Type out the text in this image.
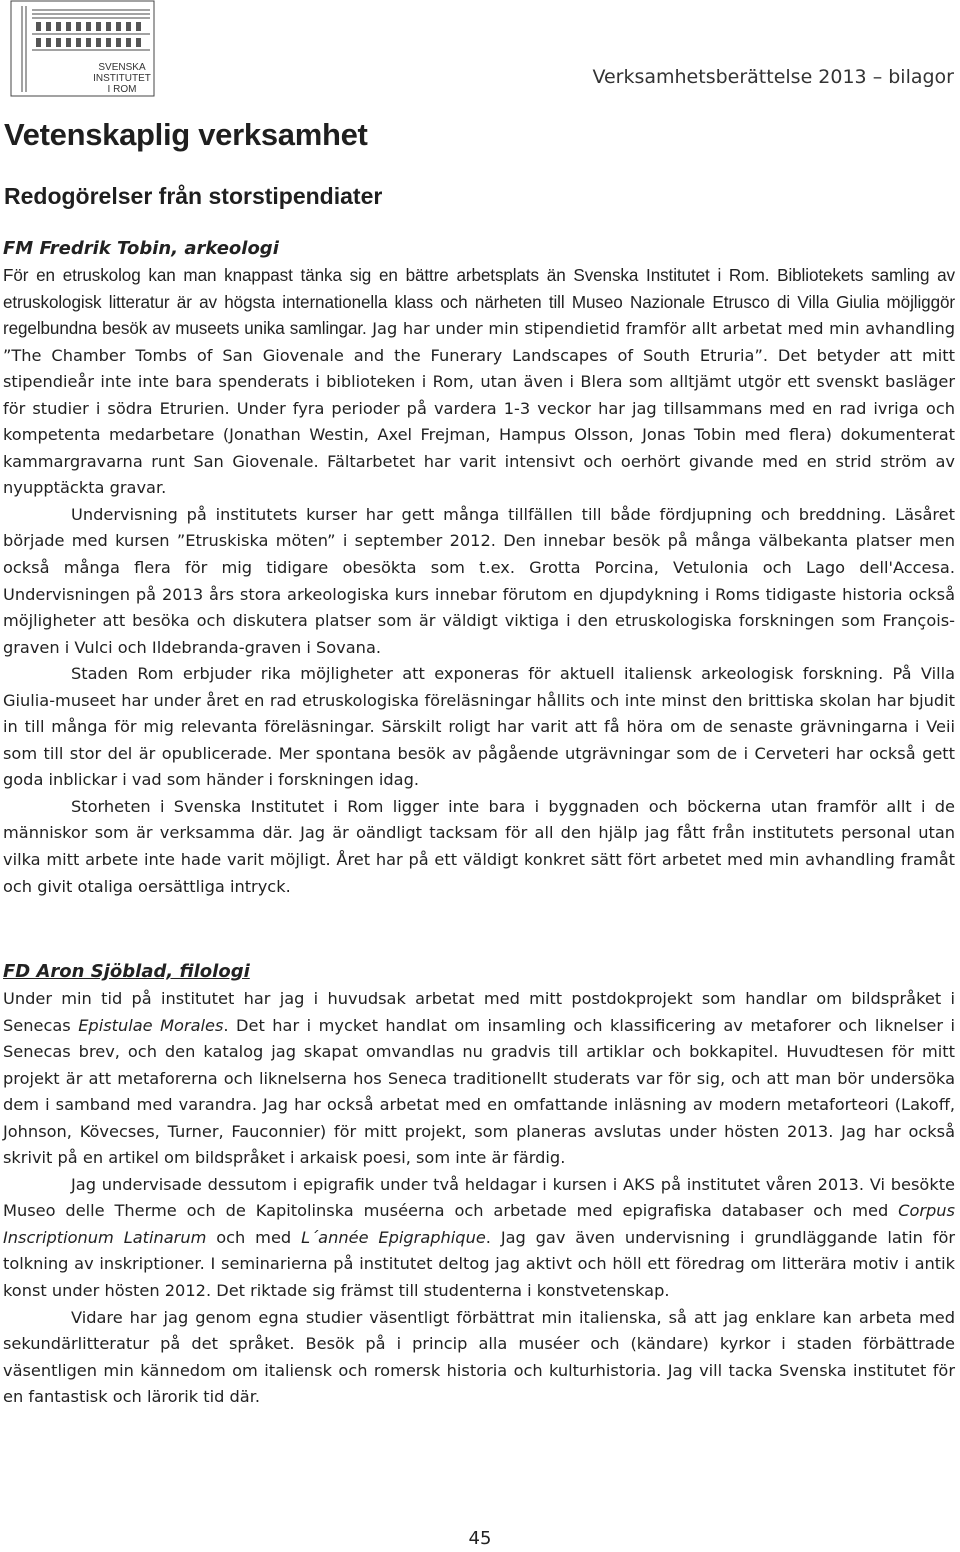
SVENSKA
INSTITUTET
I ROM
Verksamhetsberättelse 2013 – bilagor
Vetenskaplig verksamhet
Redogörelser från storstipendiater
FM Fredrik Tobin, arkeologi

För en etruskolog kan man knappast tänka sig en bättre arbetsplats än Svenska Institutet i Rom. Bibliotekets samling av etruskologisk litteratur är av högsta internationella klass och närheten till Museo Nazionale Etrusco di Villa Giulia möjliggör regelbundna besök av museets unika samlingar. Jag har under min stipendietid framför allt arbetat med min avhandling ”The Chamber Tombs of San Giovenale and the Funerary Landscapes of South Etruria”. Det betyder att mitt stipendieår inte inte bara spenderats i biblioteken i Rom, utan även i Blera som alltjämt utgör ett svenskt basläger för studier i södra Etrurien. Under fyra perioder på vardera 1-3 veckor har jag tillsammans med en rad ivriga och kompetenta medarbetare (Jonathan Westin, Axel Frejman, Hampus Olsson, Jonas Tobin med flera) dokumenterat kammargravarna runt San Giovenale. Fältarbetet har varit intensivt och oerhört givande med en strid ström av nyupptäckta gravar.

Undervisning på institutets kurser har gett många tillfällen till både fördjupning och breddning. Läsåret började med kursen ”Etruskiska möten” i september 2012. Den innebar besök på många välbekanta platser men också många flera för mig tidigare obesökta som t.ex. Grotta Porcina, Vetulonia och Lago dell'Accesa. Undervisningen på 2013 års stora arkeologiska kurs innebar förutom en djupdykning i Roms tidigaste historia också möjligheter att besöka och diskutera platser som är väldigt viktiga i den etruskologiska forskningen som François-graven i Vulci och Ildebranda-graven i Sovana.

Staden Rom erbjuder rika möjligheter att exponeras för aktuell italiensk arkeologisk forskning. På Villa Giulia-museet har under året en rad etruskologiska föreläsningar hållits och inte minst den brittiska skolan har bjudit in till många för mig relevanta föreläsningar. Särskilt roligt har varit att få höra om de senaste grävningarna i Veii som till stor del är opublicerade. Mer spontana besök av pågående utgrävningar som de i Cerveteri har också gett goda inblickar i vad som händer i forskningen idag.

Storheten i Svenska Institutet i Rom ligger inte bara i byggnaden och böckerna utan framför allt i de människor som är verksamma där. Jag är oändligt tacksam för all den hjälp jag fått från institutets personal utan vilka mitt arbete inte hade varit möjligt. Året har på ett väldigt konkret sätt fört arbetet med min avhandling framåt och givit otaliga oersättliga intryck.

FD Aron Sjöblad, filologi

Under min tid på institutet har jag i huvudsak arbetat med mitt postdokprojekt som handlar om bildspråket i Senecas Epistulae Morales. Det har i mycket handlat om insamling och klassificering av metaforer och liknelser i Senecas brev, och den katalog jag skapat omvandlas nu gradvis till artiklar och bokkapitel. Huvudtesen för mitt projekt är att metaforerna och liknelserna hos Seneca traditionellt studerats var för sig, och att man bör undersöka dem i samband med varandra. Jag har också arbetat med en omfattande inläsning av modern metaforteori (Lakoff, Johnson, Kövecses, Turner, Fauconnier) för mitt projekt, som planeras avslutas under hösten 2013. Jag har också skrivit på en artikel om bildspråket i arkaisk poesi, som inte är färdig.

Jag undervisade dessutom i epigrafik under två heldagar i kursen i AKS på institutet våren 2013. Vi besökte Museo delle Therme och de Kapitolinska muséerna och arbetade med epigrafiska databaser och med Corpus Inscriptionum Latinarum och med L´année Epigraphique. Jag gav även undervisning i grundläggande latin för tolkning av inskriptioner. I seminarierna på institutet deltog jag aktivt och höll ett föredrag om litterära motiv i antik konst under hösten 2012. Det riktade sig främst till studenterna i konstvetenskap.

Vidare har jag genom egna studier väsentligt förbättrat min italienska, så att jag enklare kan arbeta med sekundärlitteratur på det språket. Besök på i princip alla muséer och (kändare) kyrkor i staden förbättrade väsentligen min kännedom om italiensk och romersk historia och kulturhistoria. Jag vill tacka Svenska institutet för en fantastisk och lärorik tid där.

45
